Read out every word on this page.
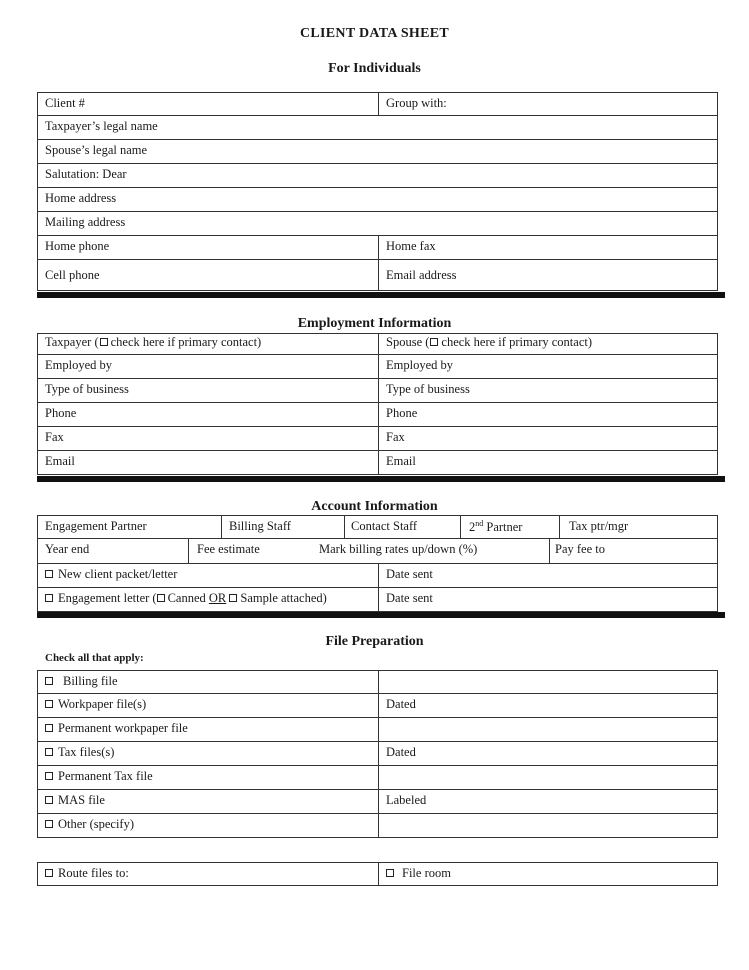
CLIENT DATA SHEET
For Individuals
Client #	Group with:
Taxpayer’s legal name
Spouse’s legal name
Salutation: Dear
Home address
Mailing address
Home phone	Home fax
Cell phone	Email address
Employment Information
Taxpayer ( check here if primary contact)	Spouse ( check here if primary contact)
Employed by	Employed by
Type of business	Type of business
Phone	Phone
Fax	Fax
Email	Email
Account Information
Engagement Partner	Billing Staff	Contact Staff	2nd Partner	Tax ptr/mgr
Year end	Fee estimate	Mark billing rates up/down (%)	Pay fee to
New client packet/letter	Date sent
Engagement letter ( Canned OR Sample attached)	Date sent
File Preparation
Check all that apply:
Billing file
Workpaper file(s)	Dated
Permanent workpaper file
Tax files(s)	Dated
Permanent Tax file
MAS file	Labeled
Other (specify)
Route files to:	File room
